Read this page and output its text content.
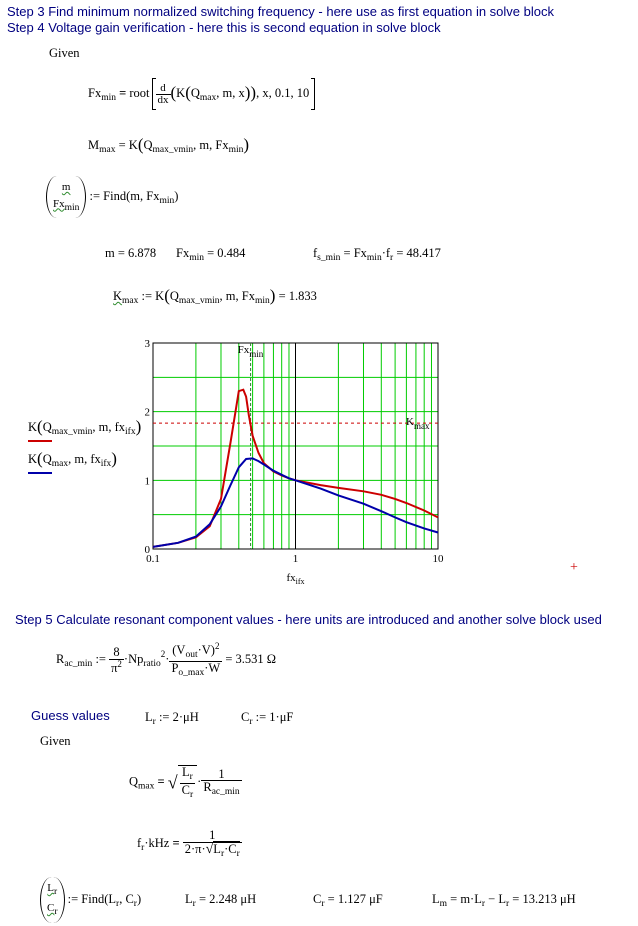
Step 3 Find minimum normalized switching frequency - here use as first equation in solve block
Step 4 Voltage gain verification - here this is second equation in solve block
Given
$Fx_{min}$ = root $\frac{d}{dx} (K(Q_{max}$, m, x)), x, 0.1, 10
$M_{max} = K(Q_{max\_vmin}$, m, $Fx_{min}$)
m
Fxmin := Find(m, $Fx_{min}$)
m = 6.878 $Fx_{min} = 0.484$	$f_{s\_min} = Fx_{min}\cdot f_r = 48.417$
$K_{max}$ := $K(Q_{max\_vmin}$, m, $Fx_{min}) = 1.833$
0.1	1	10
0
1
2
3
$fx_{ifx}$
$Fx_{min}$
$K_{max}$
$K(Q_{max\_vmin}$, m, $fx_{ifx}$)
$K(Q_{max}$, m, $fx_{ifx}$)
+
Step 5 Calculate resonant component values - here units are introduced and another solve block used
$R_{ac\_min}$ := $\frac{8}{\pi^2} \cdot Np_{ratio}^2\cdot \frac{(V_{out}\cdot V)^2}{P_{o\_max}\cdot W} = 3.531$ Ω
Guess values	$L_r$ := 2·μH	$C_r$ := 1·μF
Given
$Q_{max}$ = √ $\frac{L_r}{C_r} \cdot \frac{1}{R_{ac\_min}}$
$f_r\cdot kHz = \frac{1}{2\cdot\pi\cdot√L_r\cdot C_r}$
$\frac{Lr}{Cr}$ := $Find(L_r$, $C_r$)	$L_r = 2.248$ μH	$C_r = 1.127$ μF	$L_m = m\cdot L_r - L_r = 13.213$ μH
